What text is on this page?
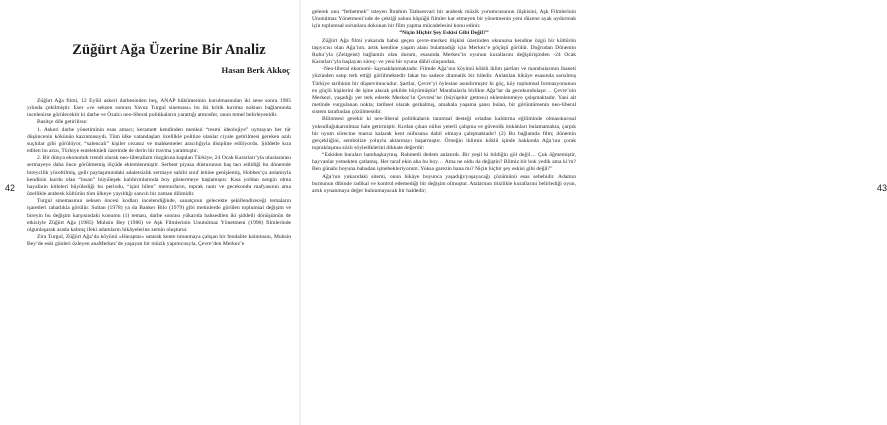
Züğürt Ağa Üzerine Bir Analiz
Hasan Berk Akkoç

Züğürt Ağa filmi, 12 Eylül askeri darbesinden beş, ANAP hükümetinin kurulmasından iki sene sonra 1985 yılında çekilmiştir. Eser «ve seksen sonrası Yavuz Turgul sineması» bu iki kritik kırılma noktası bağlamında incelenirse görülecektir ki darbe ve Özalcı neo-liberal politikaların yarattığı atmosfer, onun temel belirleyenidir.

Basitçe dile getirilirse:

1. Askeri darbe yönetiminin esas amacı; keramett kendinden menkul “resmi ideolojiye” uymayan her tür düşüncenin kökünün kazınmasıydı. Tüm ülke vatandaşları özellikle politize olanlar ciyale getirilmesi gereken azılı suçlular gibi görülüyor, “salencalı” kişiler cezasız ve mahkemeler aracılığıyla disipline ediliyordu. Şiddetle kıra edilen bu arzu, Türkiye entelektüeli üzerinde de derin bir travma yaratmıştır.

2. Bir dünya ekonomik trendi olarak neo-liberalizm rüzgârına kapılan Türkiye, 24 Ocak Kararları’yla uluslararası sermayeye daha önce görülmemiş ölçüde eklemlenmiştir. Serbest piyasa düsturunun baş tacı edildiği bu dönemde bireycilik yüceltilmiş, gelir paylaşımındaki adaletsizlik sermaye sahibi sınıf lehine genişlemiş, Hobbes’çu anlamıyla kendinin kurdu olan “insan” büyüleşek kaldırımlarında boy göstermeye başlamıştır. Kısa yoldan zengin olma hayalinin kitleleri büyülediği bu periodu, “işini bilen” memurların, toprak rantı ve gecekondu mafyasının ama özellikle arabesk kültürün tüm ülkeye yayıldığı sancılı bir zaman dilimidir.

Turgul sinemasının seksen öncesi kodları incelendiğinde, sanatçının gelecekte şekillendireceği temaların işaretleri rahatlıkla görülür. Sultan (1978) ya da Banker Bilo (1979) gibi metinlerde görülen toplumsal değişim ve bireyin bu değişim karşısındaki konumu (1) teması, darbe sonrası yükarıda bahsedilen iki şiddetli dönüşümün de etkisiyle Züğürt Ağa (1985) Muhsin Bey (1986) ve Aşk Filmlerinin Unutulmaz Yönetmeni (1990) filmlerinde olgunlaşarak arada kalmış ifeki adamların hikâyelerine zemin oluşturur.

Zira Turgul, Züğürt Ağa’da köyünü «Haraptar» satarak kente tutunmaya çalışan bir feodalite kalıntısını, Muhsin Bey’de eski günleri özleyen anaMerkez’de yaşayan bir müzik yapımcısıyla, Çevre’den Merkez’e

42

gelerek onu “fethetmek” isteyen İbrahim Tatlısesvari bir arabesk müzik yorumcusunun ilişkisini, Aşk Filmlerinin Unutulmaz Yönetmeni’nde de çektiği sabun köpüğü filmler kar etmeyen bir yönetmenin yeni düzene ayak uydurmak için toplumsal sorunlara dokunan bir film yapma mücadelesini konu edinir.

“Niçin Hiçbir Şey Eskisi Gibi Değil?”

Züğürt Ağa filmi yukarıda bahsi geçen çevre-merkez ilişkisi üzerinden okunursa kendine özgü bir kültürün taşıyıcısı olan Ağa’nın, artık kendine yaşam alanı bulamadığı için Merkez’e göçüşü görülür. Doğrudan Dönemin Ruhu’yla (Zeitgeist) bağlantılı olan durum, esasında Merkez’in oyunun kurallarını değiştirişinden -24 Ocak Kararları’yla başlayan süreç- ve yeni bir oyuna dâhil oluşundan.

-Neo-liberal ekonomi- kaynaklanmaktadır. Filmde Ağa’nın köyünü köklü iklim şartları ve marabalarının ihaneti yüzünden satıp terk ettiği görülmektedir fakat bu sadece dramatik bir hiledir. Anlatılan hikâye esasında sarsılmış Türkiye tarihinin bir düşsevimucudur. Şartlar, Çevre’yi öylesine asındırmıştır ki göç, köy toplumsal formasyonunun en güçlü kişilerini de işine alacak şekilde büyümüştür! Marabalarla birlikte Ağa’lar da gecekondulaşır… Çevre’nin Merkezi, yaşadığı yer terk ederek Merkez’in Çevresi’ne (büyüşehir gettosu) eklemlenmeye çalışmaktadır. Yani alt metinde vurgulanan nokta; tarihsel olarak gerkalmış, amahala yaşama şansı bulan, bir görüntümenin neo-liberal sistem tarafından çözülmesidir.

Bilinmesi gerekir ki neo-liberal politikaların tanımsal desteği ortadan kaldırma eğiliminde olmasıkurısal yoksulluğukarınlmaz hale getirmiştir. Kırdan çıkan nüfus yeterli çalışma ve güvenlik imkânları bulamamakta, çarpık bir uyum sürecine maruz kalarak kent nüfusuna dahil olmaya çalışmaktadır! (2) Bu bağlamda film; dönemin gerçekliğini, sembolize yoluyla aktarmayı başarmıştır. Örneğin iklimin köklü işinde hakkında Ağa’nın çorak topraklaşıma sözlı söylediklerini dikkate değerdir:

“Eskiden buraları bambaşkaymış. Rahmetli dedem anlatırdı. Bir yeşil ki bildiğin göl değil… Çok öğmemiştir, hayvanlar yemekten çatlamış. Her taraf ekin aha bu boy… Ama ne oldu da değiştin? Bilmiz bir bok yedik ama ki’m? Ben günahı boyuna babadan işinebekleriyorum. Yoksa garezin bana mı? Niçin hiçbir şey eskisi gibi değil?”

Ağa’nın yukarıdaki sitemi, onun hikâye boyunca yaşadığı/yaşayacağı çözümünü esas sebebidir. Adamın burnunun dibinde radikal ve kontrol edemediği bir değişim olmuştur. Atalarının titizlikle kurallarını belirlediği oyun, artık oynanmaya değer bulunmayacak bir haldedir;	43
